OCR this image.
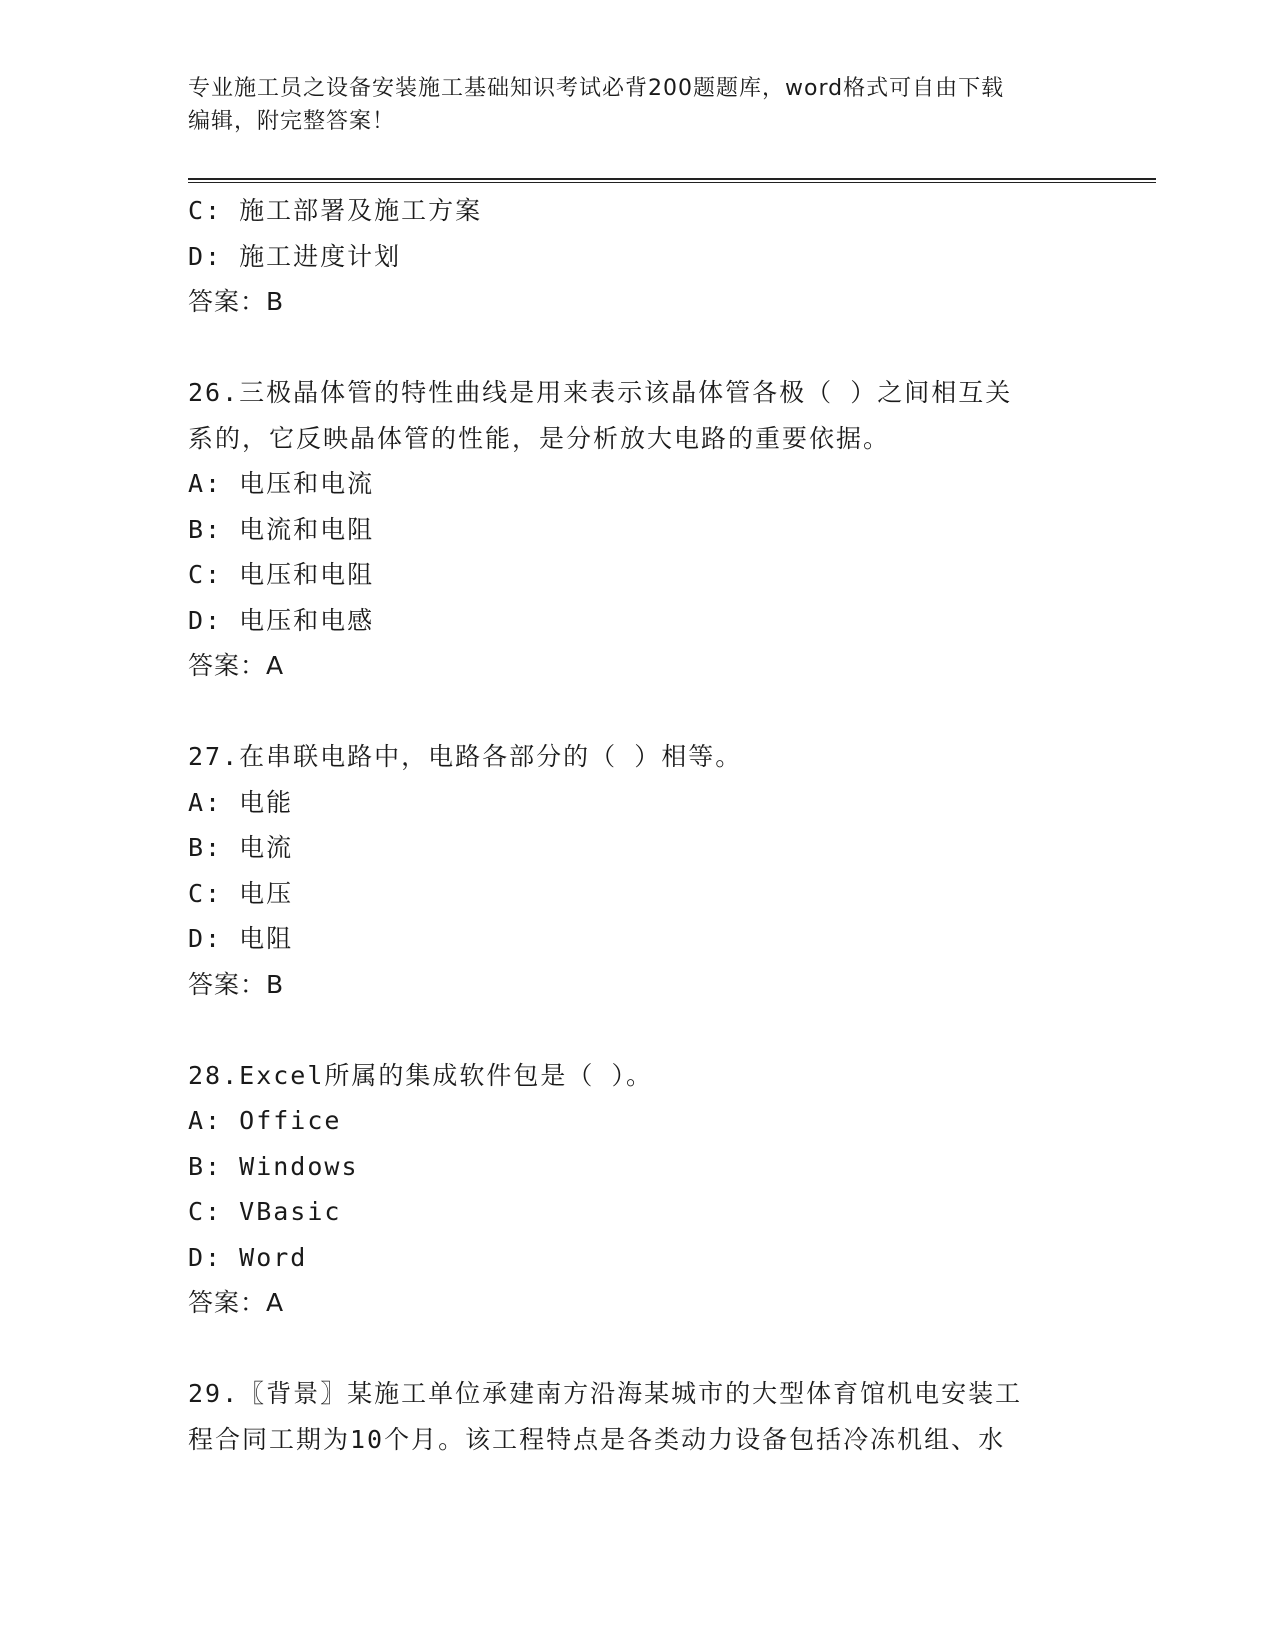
专业施工员之设备安装施工基础知识考试必背200题题库，word格式可自由下载
编辑，附完整答案！
C: 施工部署及施工方案
D: 施工进度计划
答案：B
26.三极晶体管的特性曲线是用来表示该晶体管各极（ ）之间相互关
系的，它反映晶体管的性能，是分析放大电路的重要依据。
A: 电压和电流
B: 电流和电阻
C: 电压和电阻
D: 电压和电感
答案：A
27.在串联电路中，电路各部分的（ ）相等。
A: 电能
B: 电流
C: 电压
D: 电阻
答案：B
28.Excel所属的集成软件包是（ ）。
A: Office
B: Windows
C: VBasic
D: Word
答案：A
29.〖背景〗某施工单位承建南方沿海某城市的大型体育馆机电安装工
程合同工期为10个月。该工程特点是各类动力设备包括冷冻机组、水
